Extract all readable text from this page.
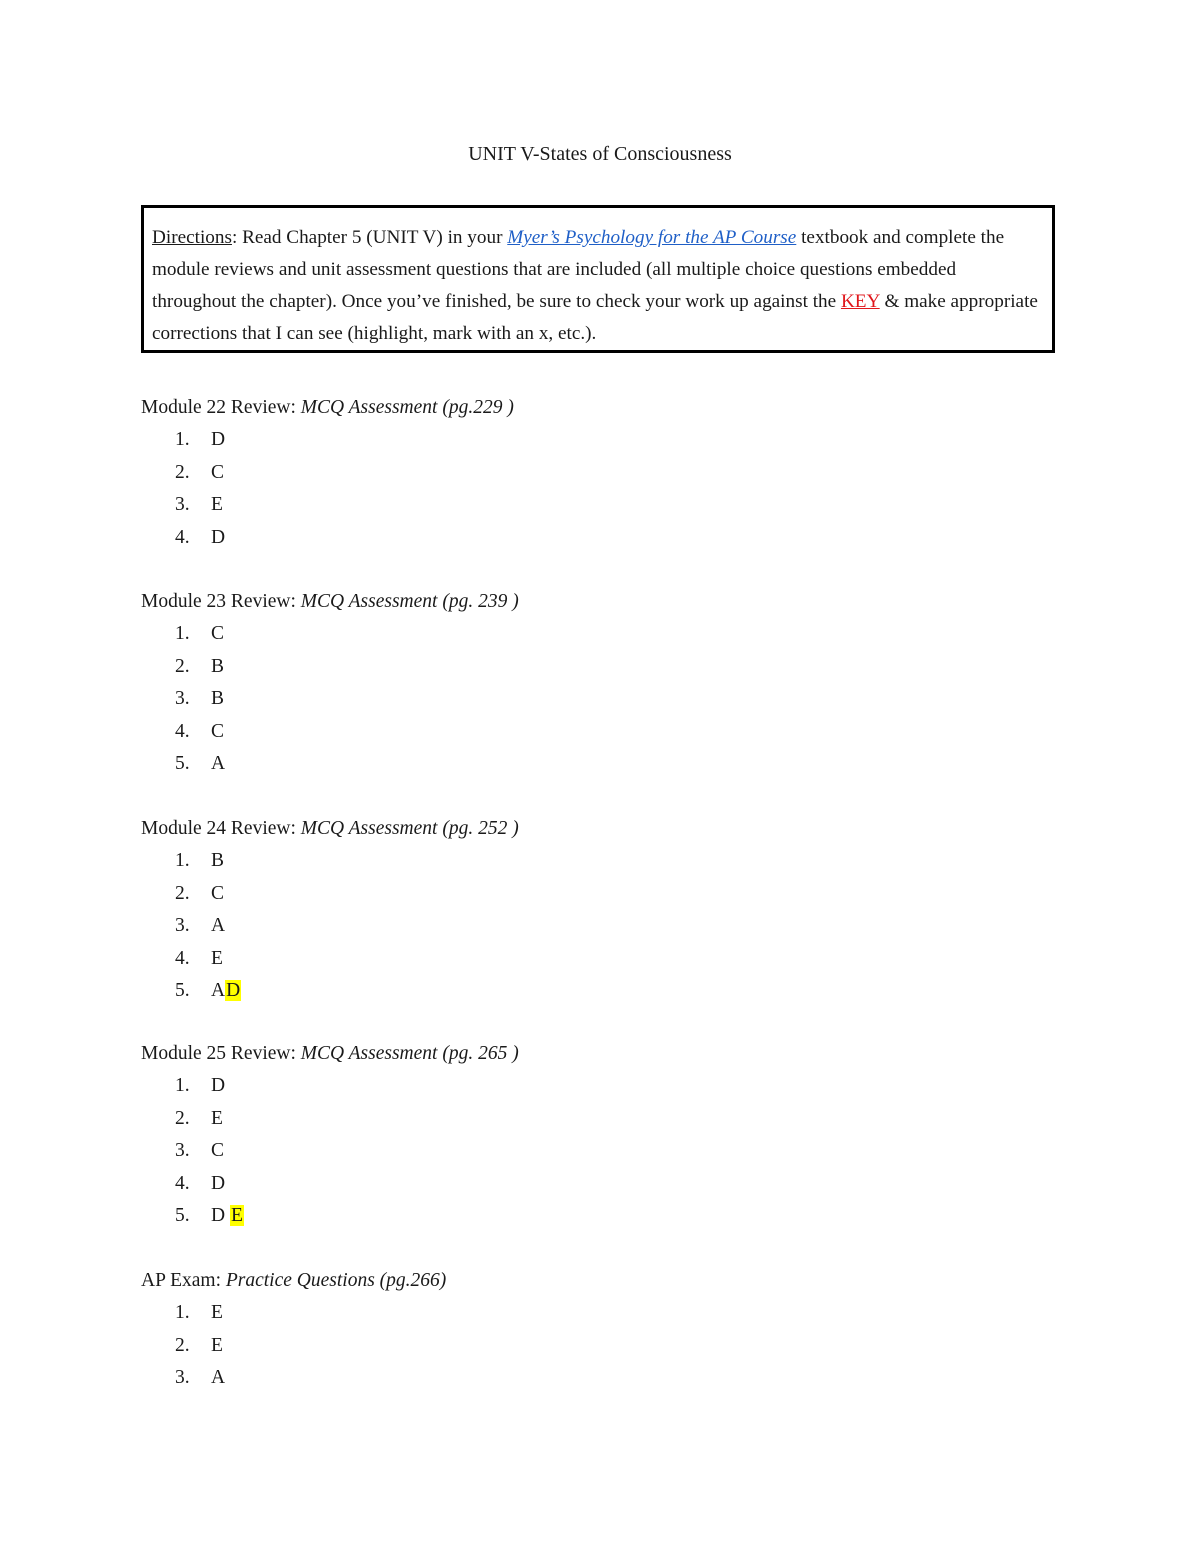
UNIT V-States of Consciousness
Directions: Read Chapter 5 (UNIT V) in your Myer’s Psychology for the AP Course textbook and complete the module reviews and unit assessment questions that are included (all multiple choice questions embedded throughout the chapter). Once you’ve finished, be sure to check your work up against the KEY & make appropriate corrections that I can see (highlight, mark with an x, etc.).
Module 22 Review: MCQ Assessment (pg.229 )
1. D
2. C
3. E
4. D
Module 23 Review: MCQ Assessment (pg. 239 )
1. C
2. B
3. B
4. C
5. A
Module 24 Review: MCQ Assessment (pg. 252 )
1. B
2. C
3. A
4. E
5. AD
Module 25 Review: MCQ Assessment (pg. 265 )
1. D
2. E
3. C
4. D
5. D E
AP Exam: Practice Questions (pg.266)
1. E
2. E
3. A
